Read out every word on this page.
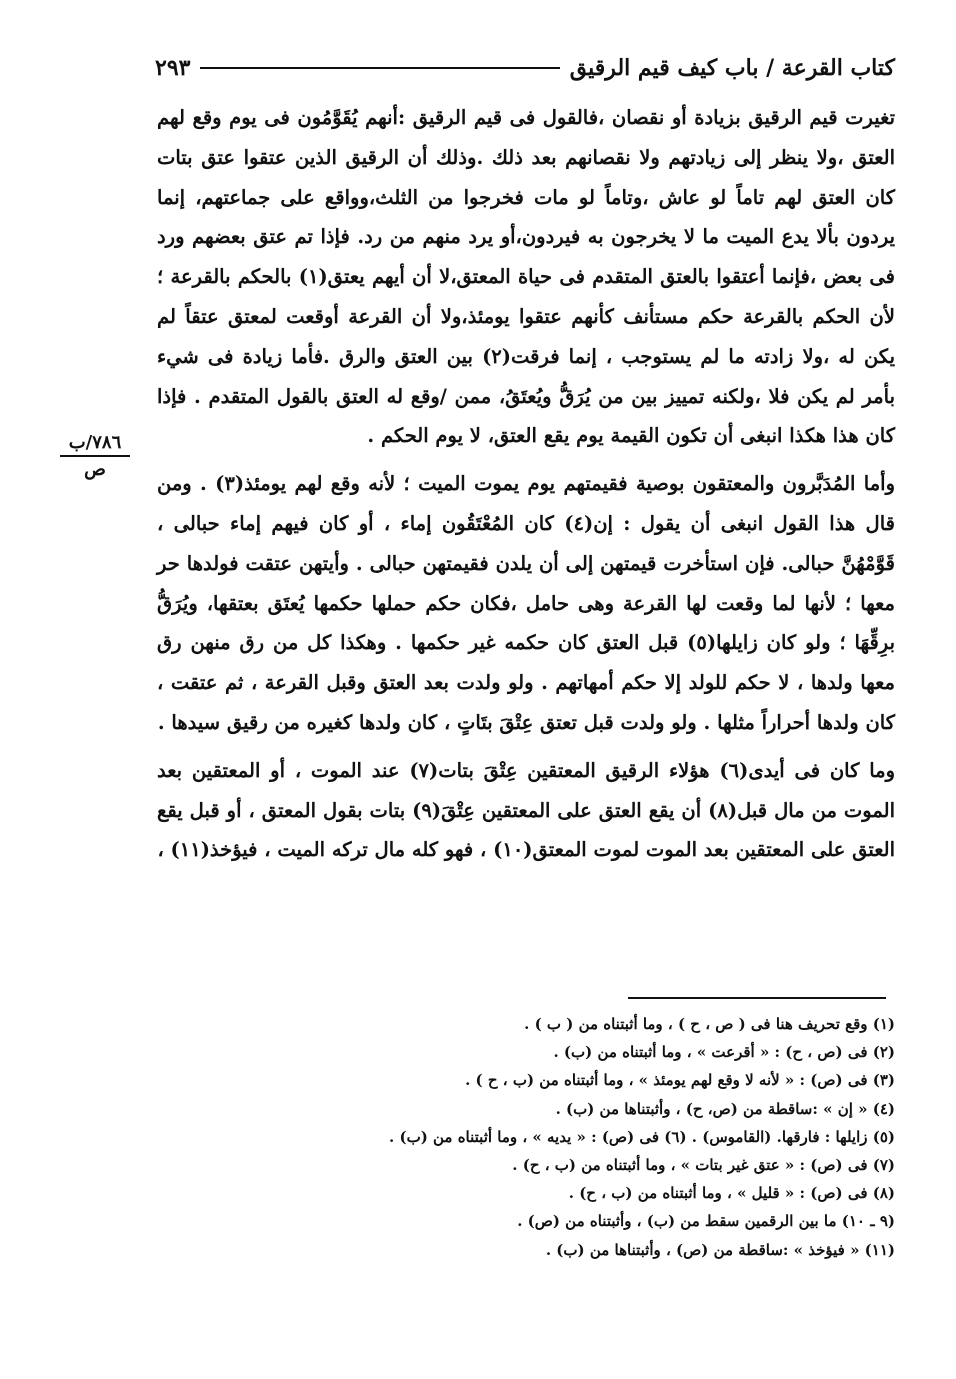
كتاب القرعة / باب كيف قيم الرقيق
٢٩٣
٧٨٦/ب
ص

تغيرت قيم الرقيق بزيادة أو نقصان ،فالقول فى قيم الرقيق :أنهم يُقَوَّمُون فى يوم وقع لهم العتق ،ولا ينظر إلى زيادتهم ولا نقصانهم بعد ذلك .وذلك أن الرقيق الذين عتقوا عتق بتات كان العتق لهم تاماً لو عاش ،وتاماً لو مات فخرجوا من الثلث،وواقع على جماعتهم، إنما يردون بألا يدع الميت ما لا يخرجون به فيردون،أو يرد منهم من رد. فإذا تم عتق بعضهم ورد فى بعض ،فإنما أعتقوا بالعتق المتقدم فى حياة المعتق،لا أن أيهم يعتق(١) بالحكم بالقرعة ؛لأن الحكم بالقرعة حكم مستأنف كأنهم عتقوا يومئذ،ولا أن القرعة أوقعت لمعتق عتقاً لم يكن له ،ولا زادته ما لم يستوجب ، إنما فرقت(٢) بين العتق والرق .فأما زيادة فى شيء بأمر لم يكن فلا ،ولكنه تمييز بين من يُرَقُّ ويُعتَقُ، ممن /وقع له العتق بالقول المتقدم . فإذا كان هذا هكذا انبغى أن تكون القيمة يوم يقع العتق، لا يوم الحكم .

وأما المُدَبَّرون والمعتقون بوصية فقيمتهم يوم يموت الميت ؛ لأنه وقع لهم يومئذ(٣) . ومن قال هذا القول انبغى أن يقول : إن(٤) كان المُعْتَقُون إماء ، أو كان فيهم إماء حبالى ، قَوَّمْهُنَّ حبالى. فإن استأخرت قيمتهن إلى أن يلدن فقيمتهن حبالى . وأيتهن عتقت فولدها حر معها ؛ لأنها لما وقعت لها القرعة وهى حامل ،فكان حكم حملها حكمها يُعتَق بعتقها، ويُرَقُّ برِقِّهَا ؛ ولو كان زايلها(٥) قبل العتق كان حكمه غير حكمها . وهكذا كل من رق منهن رق معها ولدها ، لا حكم للولد إلا حكم أمهاتهم . ولو ولدت بعد العتق وقبل القرعة ، ثم عتقت ، كان ولدها أحراراً مثلها . ولو ولدت قبل تعتق عِتْقَ بتَاتٍ ، كان ولدها كغيره من رقيق سيدها .

وما كان فى أيدى(٦) هؤلاء الرقيق المعتقين عِتْقَ بتات(٧) عند الموت ، أو المعتقين بعد الموت من مال قبل(٨) أن يقع العتق على المعتقين عِتْقَ(٩) بتات بقول المعتق ، أو قبل يقع العتق على المعتقين بعد الموت لموت المعتق(١٠) ، فهو كله مال تركه الميت ، فيؤخذ(١١) ،

(١) وقع تحريف هنا فى ( ص ، ح ) ، وما أثبتناه من ( ب ) .

(٢) فى (ص ، ح) : « أقرعت » ، وما أثبتناه من (ب) .

(٣) فى (ص) : « لأنه لا وقع لهم يومئذ » ، وما أثبتناه من (ب ، ح ) .

(٤) « إن » :ساقطة من (ص، ح) ، وأثبتناها من (ب) .

(٥) زايلها : فارقها. (القاموس) . (٦) فى (ص) : « يديه » ، وما أثبتناه من (ب) .

(٧) فى (ص) : « عتق غير بتات » ، وما أثبتناه من (ب ، ح) .

(٨) فى (ص) : « قليل » ، وما أثبتناه من (ب ، ح) .

(٩ ـ ١٠) ما بين الرقمين سقط من (ب) ، وأثبتناه من (ص) .

(١١) « فيؤخذ » :ساقطة من (ص) ، وأثبتناها من (ب) .
